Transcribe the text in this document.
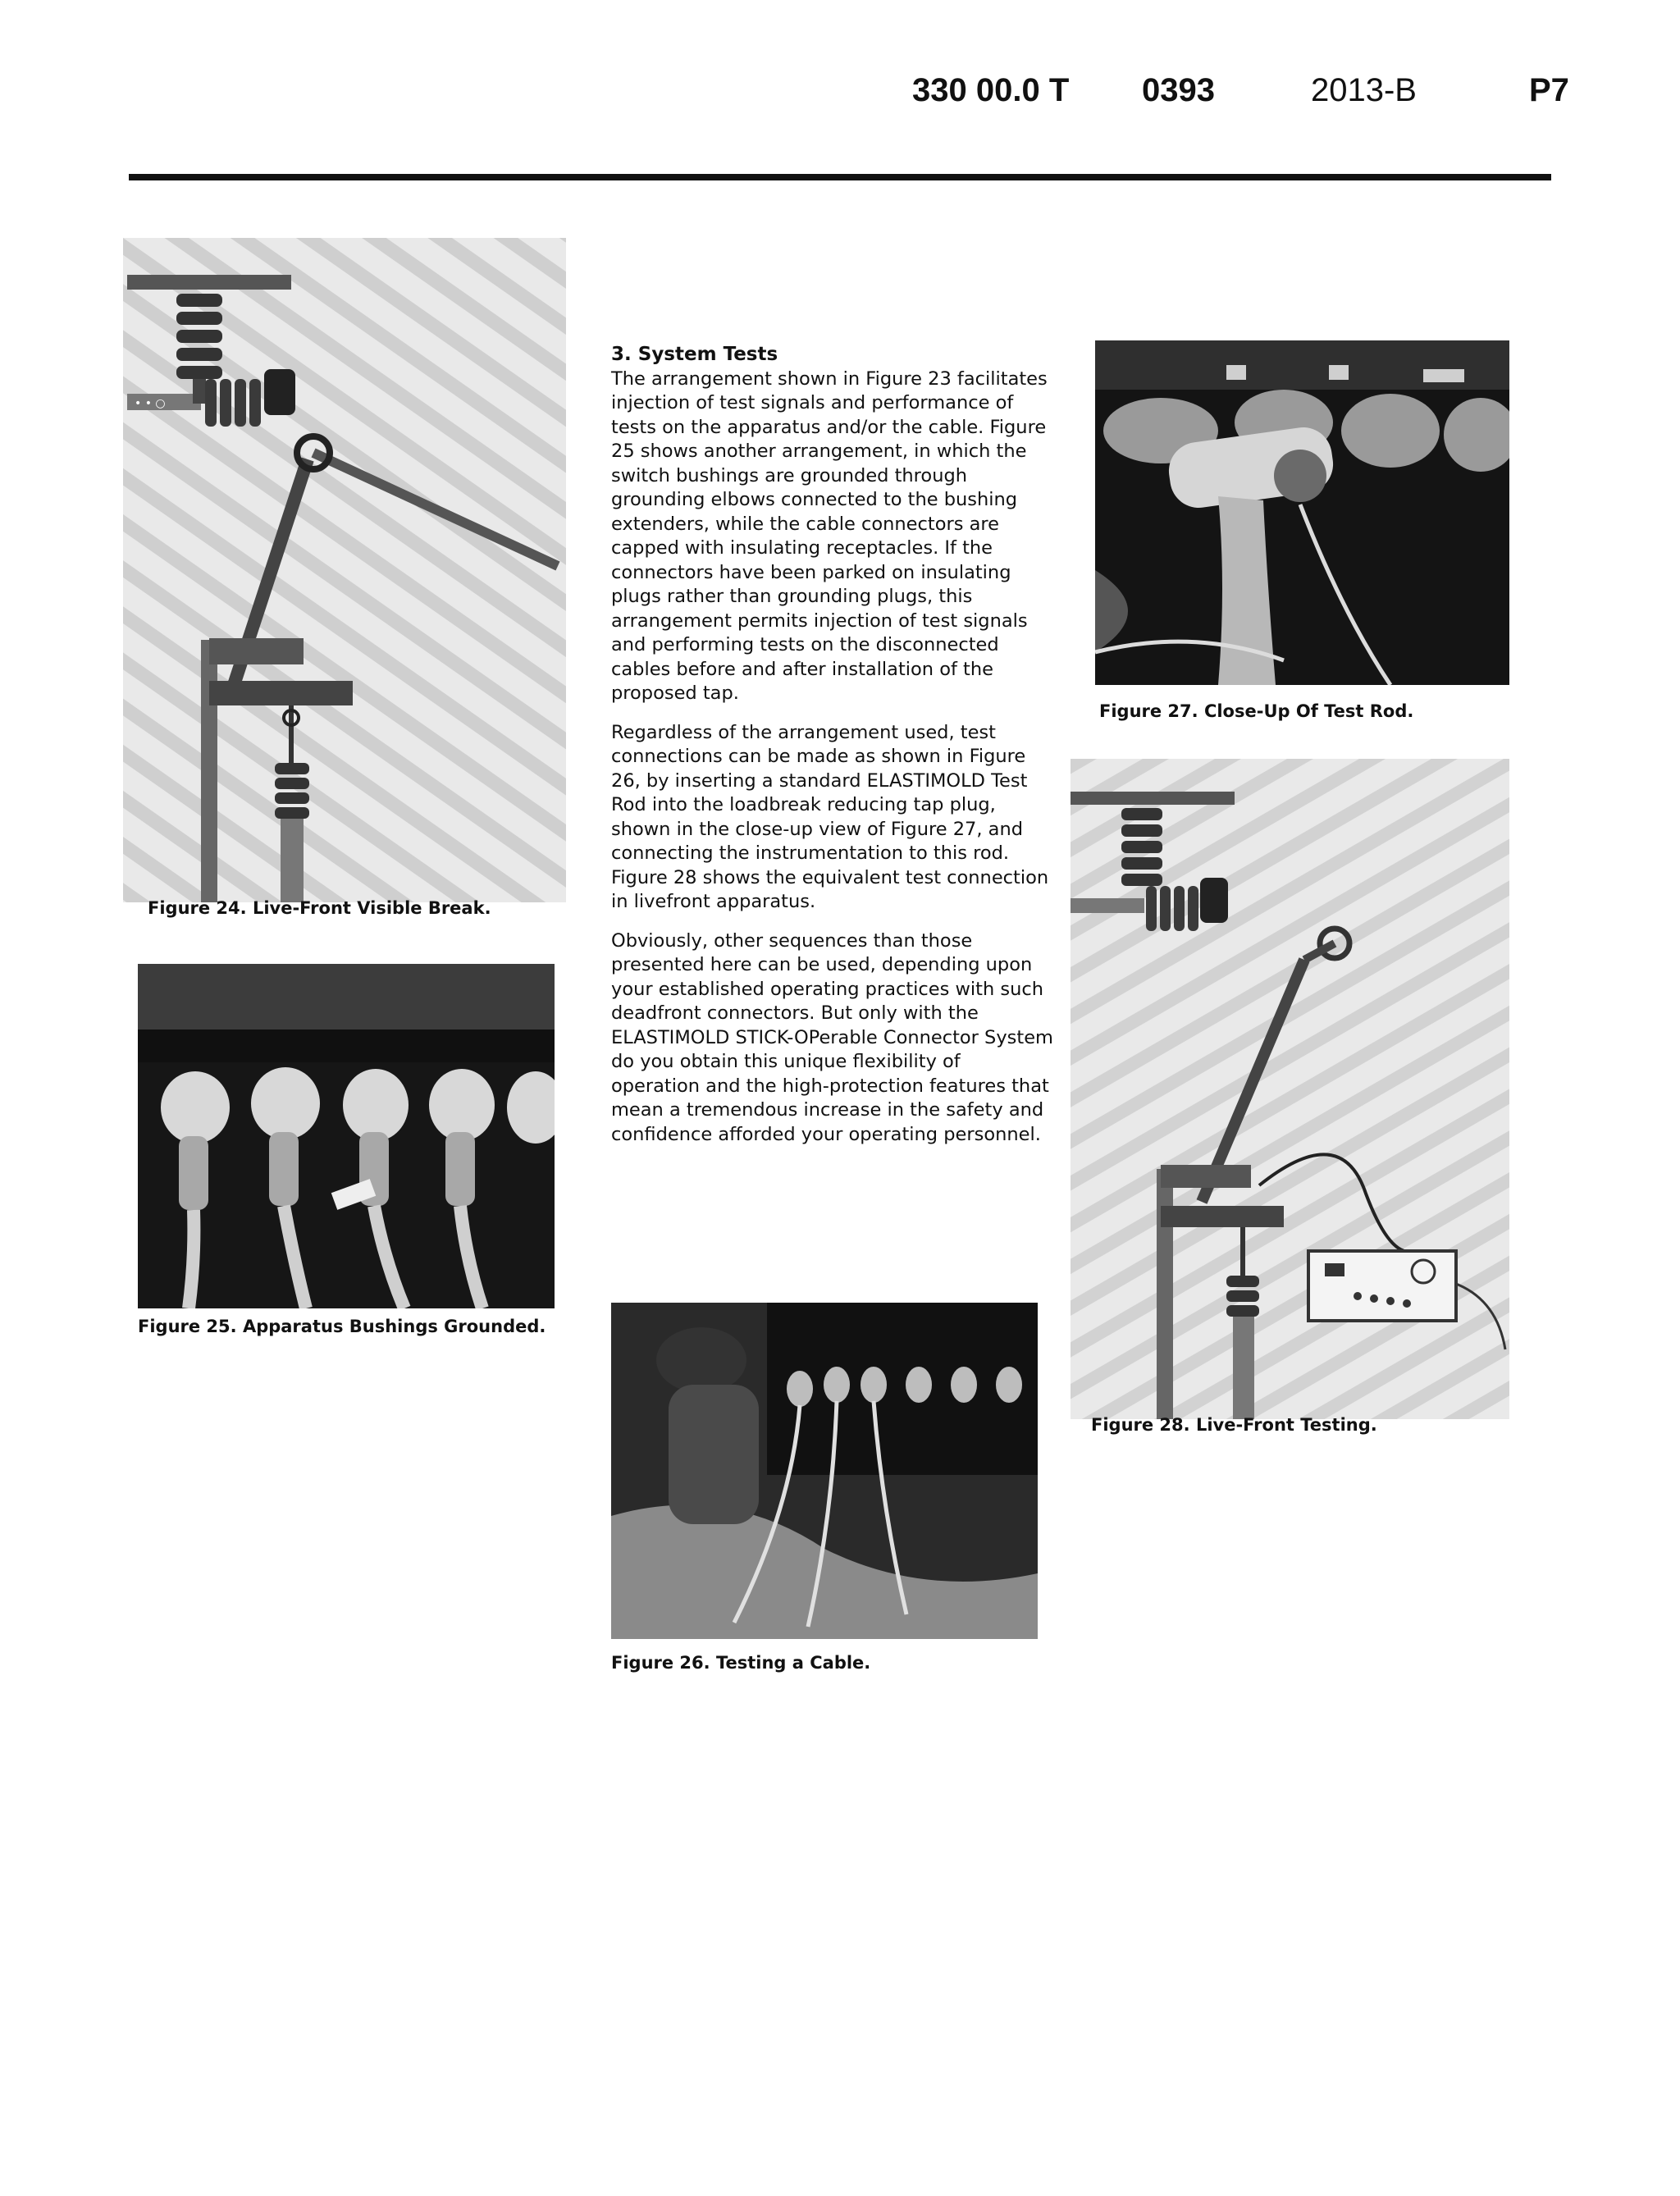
330 00.0 T 0393	2013-B	P7
• • ○
Figure 24. Live-Front Visible Break.
Figure 25. Apparatus Bushings Grounded.
3. System Tests

The arrangement shown in Figure 23 facilitates injection of test signals and performance of tests on the apparatus and/or the cable. Figure 25 shows another arrangement, in which the switch bushings are grounded through grounding elbows connected to the bushing extenders, while the cable connectors are capped with insulating receptacles. If the connectors have been parked on insulating plugs rather than grounding plugs, this arrangement permits injection of test signals and performing tests on the disconnected cables before and after installation of the proposed tap.

Regardless of the arrangement used, test connections can be made as shown in Figure 26, by inserting a standard ELASTIMOLD Test Rod into the loadbreak reducing tap plug, shown in the close-up view of Figure 27, and connecting the instrumentation to this rod. Figure 28 shows the equivalent test connection in livefront apparatus.

Obviously, other sequences than those presented here can be used, depending upon your established operating practices with such deadfront connectors. But only with the ELASTIMOLD STICK-OPerable Connector System do you obtain this unique flexibility of operation and the high-protection features that mean a tremendous increase in the safety and confidence afforded your operating personnel.

Figure 26. Testing a Cable.
Figure 27. Close-Up Of Test Rod.
Figure 28. Live-Front Testing.
